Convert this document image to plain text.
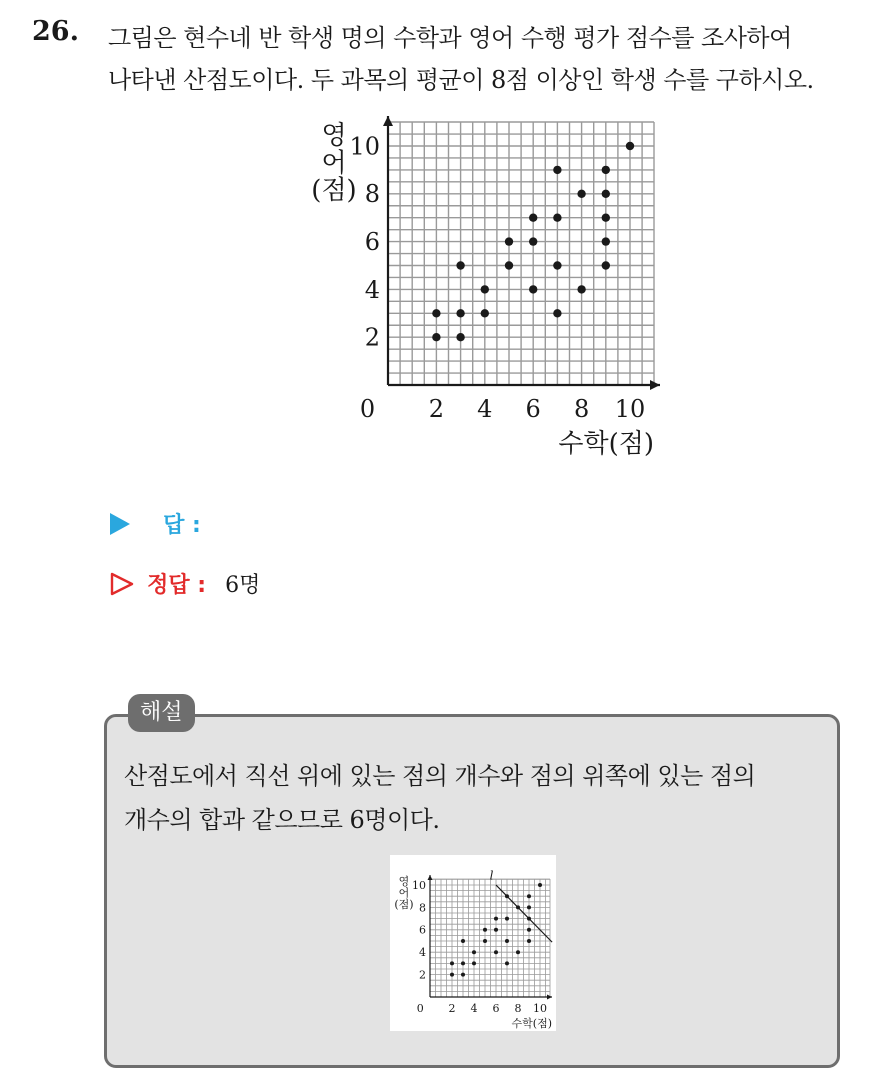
26. 그림은 현수네 반 학생 명의 수학과 영어 수행 평가 점수를 조사하여
나타낸 산점도이다. 두 과목의 평균이 8점 이상인 학생 수를 구하시오.
2 4 6 8 10
2
4
6
8
10
0
수학(점)
영
어
(점)
답 :
정답 : 6명
해설
산점도에서 직선 위에 있는 점의 개수와 점의 위쪽에 있는 점의
개수의 합과 같으므로 6명이다.
2 4 6 8 10
2
4
6
8
10
0
수학(점)
영
어
(점)
l
